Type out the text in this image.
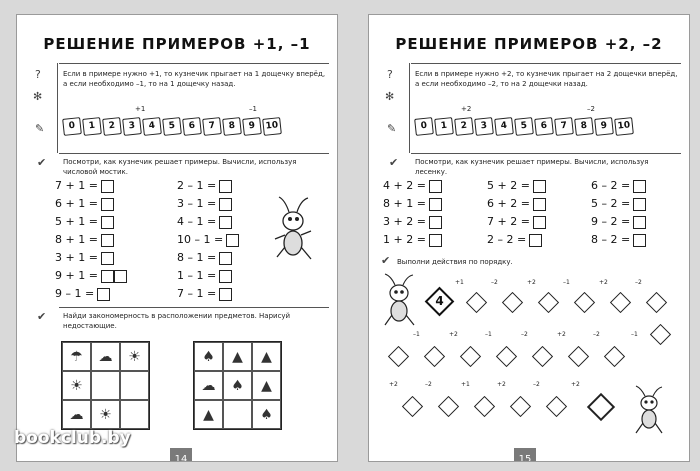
РЕШЕНИЕ ПРИМЕРОВ +1, –1
?
✻
✎
Если в примере нужно +1, то кузнечик прыгает на 1 дощечку вперёд, а если необходимо –1, то на 1 дощечку назад.
+1	–1
0	1	2	3	4	5	6	7	8	9	10
✔ Посмотри, как кузнечик решает примеры. Вычисли, используя числовой мостик.
7 + 1 =
6 + 1 =
5 + 1 =
8 + 1 =
3 + 1 =
9 + 1 =
9 – 1 =
2 – 1 =
3 – 1 =
4 – 1 =
10 – 1 =
8 – 1 =
1 – 1 =
7 – 1 =
✔ Найди закономерность в расположении предметов. Нарисуй недостающие.
☂	☁	☀
☀
☁	☀
♠	▲	▲
☁	♠	▲
▲	♠
14
РЕШЕНИЕ ПРИМЕРОВ +2, –2
?
✻
✎
Если в примере нужно +2, то кузнечик прыгает на 2 дощечки вперёд, а если необходимо –2, то на 2 дощечки назад.
+2	–2
0	1	2	3	4	5	6	7	8	9	10
✔ Посмотри, как кузнечик решает примеры. Вычисли, используя лесенку.
4 + 2 =
8 + 1 =
3 + 2 =
1 + 2 =
5 + 2 =
6 + 2 =
7 + 2 =
2 – 2 =
6 – 2 =
5 – 2 =
9 – 2 =
8 – 2 =
✔ Выполни действия по порядку.
4
+1	–2	+2	–1	+2	–2
–1	+2	–1	–2	+2	–2	–1
+2	–2	+1	+2	–2	+2
15
bookclub.by
